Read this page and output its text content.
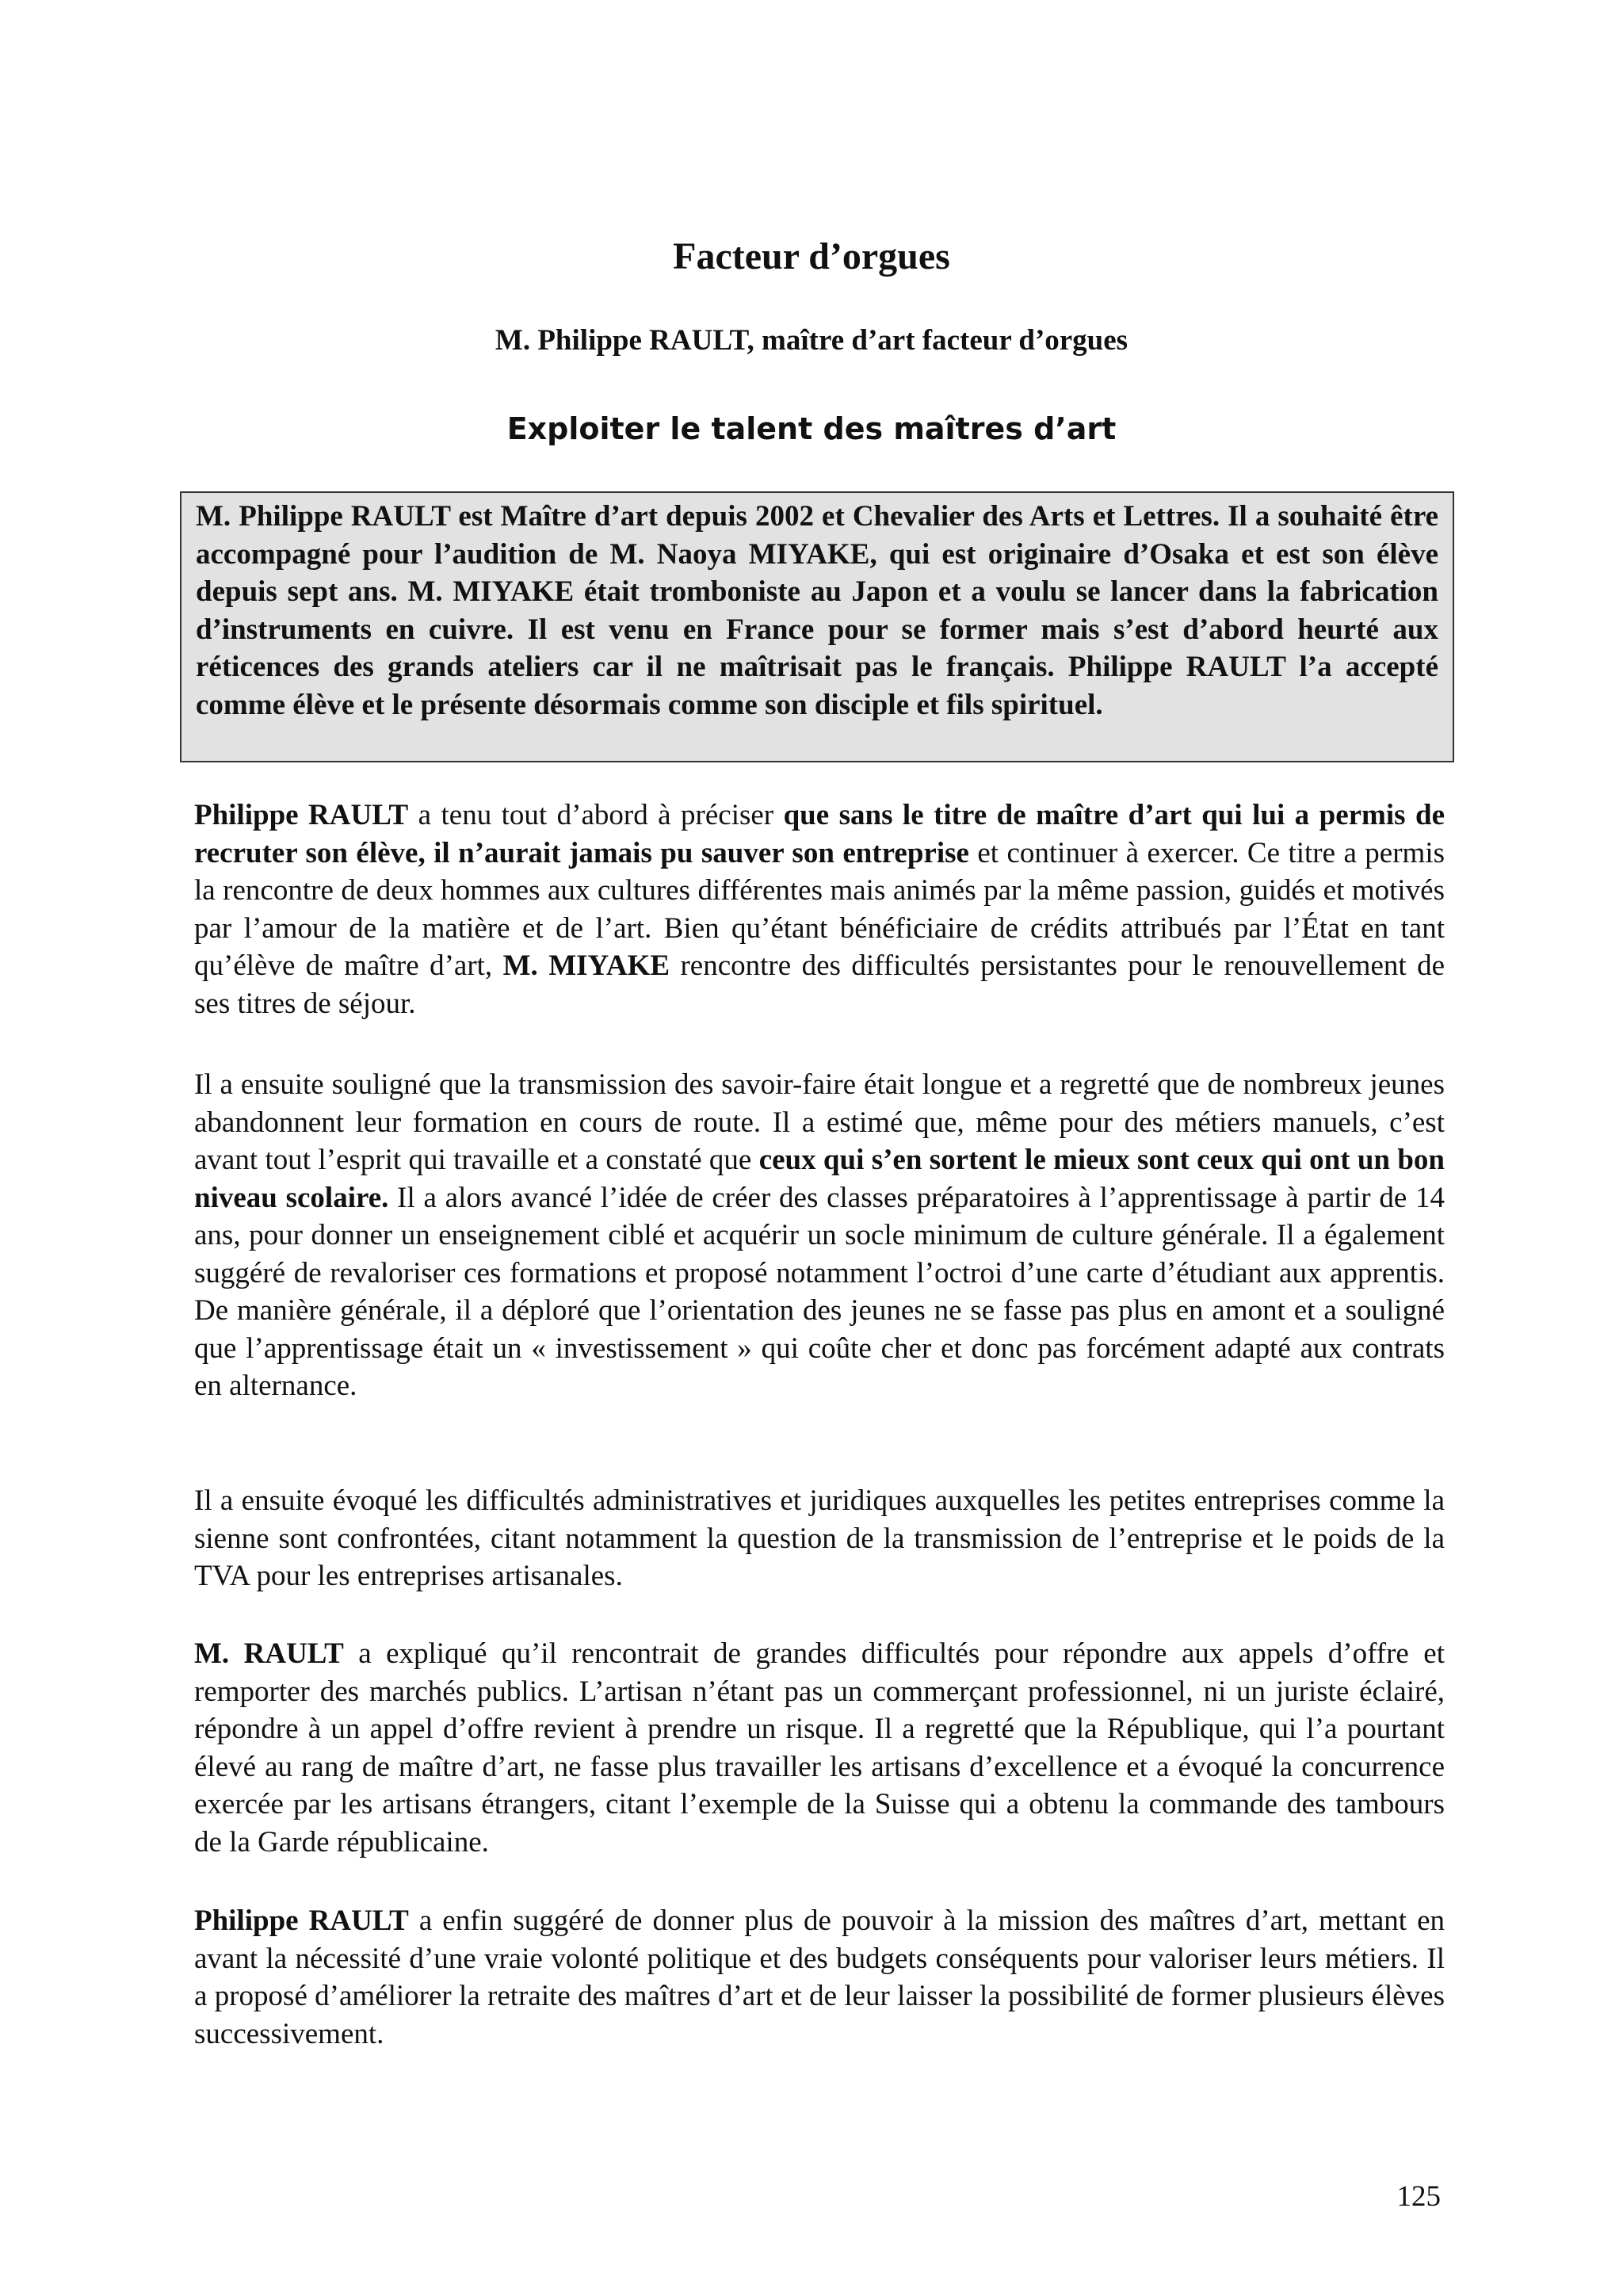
Facteur d’orgues
M. Philippe RAULT, maître d’art facteur d’orgues
Exploiter le talent des maîtres d’art

M. Philippe RAULT est Maître d’art depuis 2002 et Chevalier des Arts et Lettres. Il a souhaité être accompagné pour l’audition de M. Naoya MIYAKE, qui est originaire d’Osaka et est son élève depuis sept ans. M. MIYAKE était tromboniste au Japon et a voulu se lancer dans la fabrication d’instruments en cuivre. Il est venu en France pour se former mais s’est d’abord heurté aux réticences des grands ateliers car il ne maîtrisait pas le français. Philippe RAULT l’a accepté comme élève et le présente désormais comme son disciple et fils spirituel.

Philippe RAULT a tenu tout d’abord à préciser que sans le titre de maître d’art qui lui a permis de recruter son élève, il n’aurait jamais pu sauver son entreprise et continuer à exercer. Ce titre a permis la rencontre de deux hommes aux cultures différentes mais animés par la même passion, guidés et motivés par l’amour de la matière et de l’art. Bien qu’étant bénéficiaire de crédits attribués par l’État en tant qu’élève de maître d’art, M. MIYAKE rencontre des difficultés persistantes pour le renouvellement de ses titres de séjour.

Il a ensuite souligné que la transmission des savoir-faire était longue et a regretté que de nombreux jeunes abandonnent leur formation en cours de route. Il a estimé que, même pour des métiers manuels, c’est avant tout l’esprit qui travaille et a constaté que ceux qui s’en sortent le mieux sont ceux qui ont un bon niveau scolaire. Il a alors avancé l’idée de créer des classes préparatoires à l’apprentissage à partir de 14 ans, pour donner un enseignement ciblé et acquérir un socle minimum de culture générale. Il a également suggéré de revaloriser ces formations et proposé notamment l’octroi d’une carte d’étudiant aux apprentis. De manière générale, il a déploré que l’orientation des jeunes ne se fasse pas plus en amont et a souligné que l’apprentissage était un « investissement » qui coûte cher et donc pas forcément adapté aux contrats en alternance.

Il a ensuite évoqué les difficultés administratives et juridiques auxquelles les petites entreprises comme la sienne sont confrontées, citant notamment la question de la transmission de l’entreprise et le poids de la TVA pour les entreprises artisanales.

M. RAULT a expliqué qu’il rencontrait de grandes difficultés pour répondre aux appels d’offre et remporter des marchés publics. L’artisan n’étant pas un commerçant professionnel, ni un juriste éclairé, répondre à un appel d’offre revient à prendre un risque. Il a regretté que la République, qui l’a pourtant élevé au rang de maître d’art, ne fasse plus travailler les artisans d’excellence et a évoqué la concurrence exercée par les artisans étrangers, citant l’exemple de la Suisse qui a obtenu la commande des tambours de la Garde républicaine.

Philippe RAULT a enfin suggéré de donner plus de pouvoir à la mission des maîtres d’art, mettant en avant la nécessité d’une vraie volonté politique et des budgets conséquents pour valoriser leurs métiers. Il a proposé d’améliorer la retraite des maîtres d’art et de leur laisser la possibilité de former plusieurs élèves successivement.

125
